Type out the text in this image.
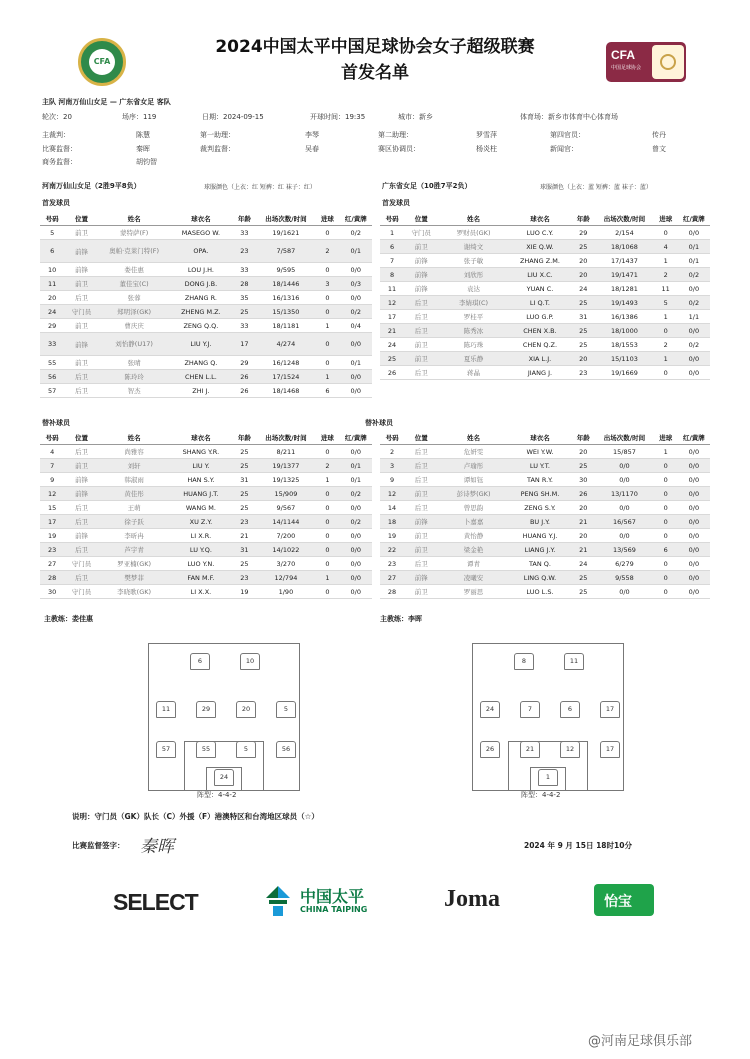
CFA
2024中国太平中国足球协会女子超级联赛
首发名单
CFA
中国足球协会
主队 河南万仙山女足 — 广东省女足 客队
轮次：20	场序：119	日期：2024-09-15	开球时间：19:35	城市：新乡	体育场：新乡市体育中心体育场
主裁判：	陈慧	第一助理：	李琴	第二助理：	罗雪萍	第四官员：	传丹
比赛监督：	秦晖	裁判监督：	吴春	赛区协调员：	杨炎柱	新闻官：	曾文
商务监督：	胡钧智
河南万仙山女足（2胜9平8负）	球服颜色（上衣：红 短裤：红 袜子：红）	广东省女足（10胜7平2负）	球服颜色（上衣：蓝 短裤：蓝 袜子：蓝）
首发球员	首发球员
号码	位置	姓名	球衣名	年龄	出场次数/时间	进球	红/黄牌
5	前卫	蒙特萨(F)	MASEGO W.	33	19/1621	0	0/2
6	前锋	奥帕·克莱门特(F)	OPA.	23	7/587	2	0/1
10	前锋	娄佳惠	LOU J.H.	33	9/595	0	0/0
11	前卫	董佳宝(C)	DONG J.B.	28	18/1446	3	0/3
20	后卫	张蓉	ZHANG R.	35	16/1316	0	0/0
24	守门员	郑明泽(GK)	ZHENG M.Z.	25	15/1350	0	0/2
29	前卫	曹庆庆	ZENG Q.Q.	33	18/1181	1	0/4
33	前锋	刘怡静(U17)	LIU Y.J.	17	4/274	0	0/0
55	前卫	张晴	ZHANG Q.	29	16/1248	0	0/1
56	后卫	陈玲玲	CHEN L.L.	26	17/1524	1	0/0
57	后卫	智杰	ZHI J.	26	18/1468	6	0/0
号码	位置	姓名	球衣名	年龄	出场次数/时间	进球	红/黄牌
1	守门员	罗财员(GK)	LUO C.Y.	29	2/154	0	0/0
6	前卫	谢绮文	XIE Q.W.	25	18/1068	4	0/1
7	前锋	张子敏	ZHANG Z.M.	20	17/1437	1	0/1
8	前锋	刘欣彤	LIU X.C.	20	19/1471	2	0/2
11	前锋	袁达	YUAN C.	24	18/1281	11	0/0
12	后卫	李婧琪(C)	LI Q.T.	25	19/1493	5	0/2
17	后卫	罗桂平	LUO G.P.	31	16/1386	1	1/1
21	后卫	陈秀冰	CHEN X.B.	25	18/1000	0	0/0
24	前卫	陈巧珠	CHEN Q.Z.	25	18/1553	2	0/2
25	前卫	夏乐静	XIA L.J.	20	15/1103	1	0/0
26	后卫	蒋晶	JIANG J.	23	19/1669	0	0/0
替补球员	替补球员
号码	位置	姓名	球衣名	年龄	出场次数/时间	进球	红/黄牌
4	后卫	尚雅容	SHANG Y.R.	25	8/211	0	0/0
7	前卫	刘轩	LIU Y.	25	19/1377	2	0/1
9	前锋	韩淑雨	HAN S.Y.	31	19/1325	1	0/1
12	前锋	黄佳彤	HUANG J.T.	25	15/909	0	0/2
15	后卫	王萌	WANG M.	25	9/567	0	0/0
17	后卫	徐子跃	XU Z.Y.	23	14/1144	0	0/2
19	前锋	李昕冉	LI X.R.	21	7/200	0	0/0
23	后卫	芦宇青	LU Y.Q.	31	14/1022	0	0/0
27	守门员	罗亚楠(GK)	LUO Y.N.	25	3/270	0	0/0
28	后卫	樊梦菲	FAN M.F.	23	12/794	1	0/0
30	守门员	李晓歌(GK)	LI X.X.	19	1/90	0	0/0
号码	位置	姓名	球衣名	年龄	出场次数/时间	进球	红/黄牌
2	后卫	危妍雯	WEI Y.W.	20	15/857	1	0/0
3	后卫	卢瑜彤	LU Y.T.	25	0/0	0	0/0
9	后卫	谭如钰	TAN R.Y.	30	0/0	0	0/0
12	前卫	彭诗梦(GK)	PENG SH.M.	26	13/1170	0	0/0
14	后卫	曾思韵	ZENG S.Y.	20	0/0	0	0/0
18	前锋	卜嘉嘉	BU J.Y.	21	16/567	0	0/0
19	前卫	黄怡静	HUANG Y.J.	20	0/0	0	0/0
22	前卫	梁金艳	LIANG J.Y.	21	13/569	6	0/0
23	后卫	谭青	TAN Q.	24	6/279	0	0/0
27	前锋	凌曦安	LING Q.W.	25	9/558	0	0/0
28	前卫	罗丽思	LUO L.S.	25	0/0	0	0/0
主教练：娄佳惠	主教练：李晖
6	10
11	29	20	5
57	55	5	56
24
8	11
24	7	6	17
26	21	12	17
1
阵型：4-4-2	阵型：4-4-2
说明：守门员（GK）队长（C）外援（F）港澳特区和台湾地区球员（☆）
比赛监督签字： 秦晖	2024 年 9 月 15日 18时10分
SELECT	中国太平
CHINA TAIPING	Joma	怡宝
@河南足球俱乐部
